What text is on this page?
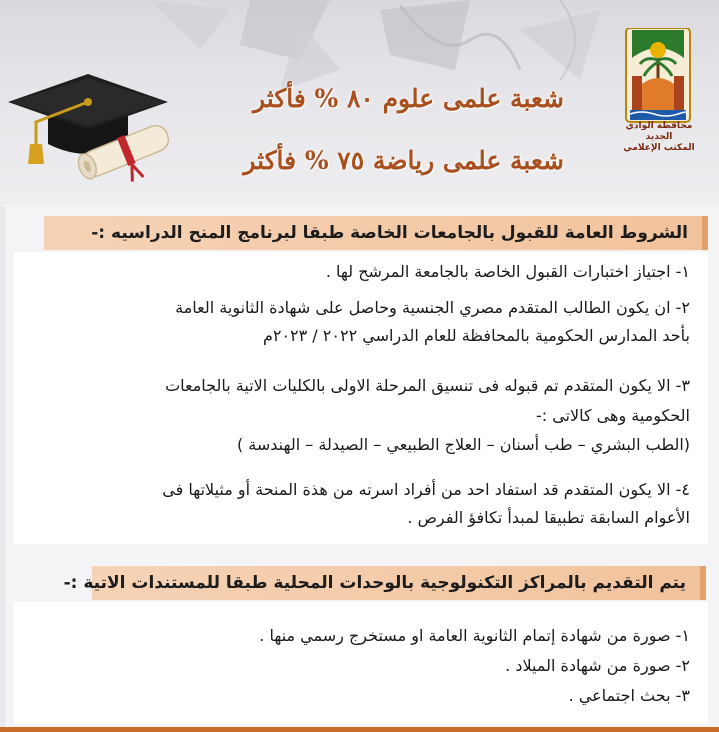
محافظة الوادي الجديد
المكتب الإعلامي
شعبة علمى علوم ٨٠ % فأكثر
شعبة علمى رياضة ٧٥ % فأكثر
الشروط العامة للقبول بالجامعات الخاصة طبقا لبرنامج المنح الدراسيه :-
١- اجتياز اختبارات القبول الخاصة بالجامعة المرشح لها .
٢- ان يكون الطالب المتقدم مصري الجنسية وحاصل على شهادة الثانوية العامة
بأحد المدارس الحكومية بالمحافظة للعام الدراسي ٢٠٢٢ / ٢٠٢٣م
٣- الا يكون المتقدم تم قبوله فى تنسيق المرحلة الاولى بالكليات الاتية بالجامعات
الحكومية وهى كالاتى :-
(الطب البشري – طب أسنان – العلاج الطبيعي – الصيدلة – الهندسة )
٤- الا يكون المتقدم قد استفاد احد من أفراد اسرته من هذة المنحة أو مثيلاتها فى
الأعوام السابقة تطبيقا لمبدأ تكافؤ الفرص .
يتم التقديم بالمراكز التكنولوجية بالوحدات المحلية طبقا للمستندات الاتية :-
١- صورة من شهادة إتمام الثانوية العامة او مستخرج رسمي منها .
٢- صورة من شهادة الميلاد .
٣- بحث اجتماعي .
